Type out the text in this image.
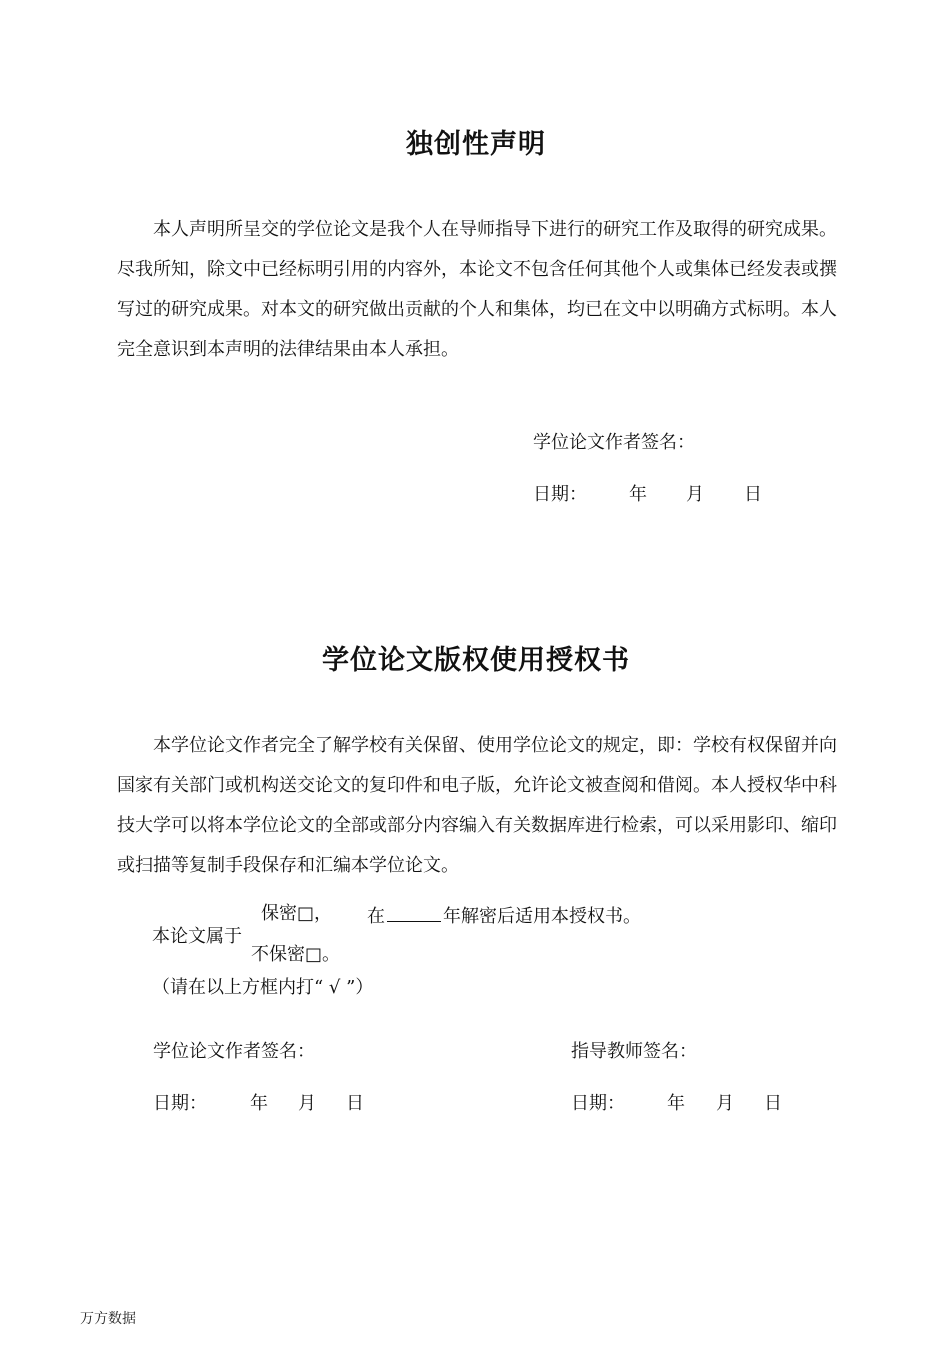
独创性声明
本人声明所呈交的学位论文是我个人在导师指导下进行的研究工作及取得的研究成果。尽我所知，除文中已经标明引用的内容外，本论文不包含任何其他个人或集体已经发表或撰写过的研究成果。对本文的研究做出贡献的个人和集体，均已在文中以明确方式标明。本人完全意识到本声明的法律结果由本人承担。
学位论文作者签名：
日期： 年 月 日
学位论文版权使用授权书
本学位论文作者完全了解学校有关保留、使用学位论文的规定，即：学校有权保留并向国家有关部门或机构送交论文的复印件和电子版，允许论文被查阅和借阅。本人授权华中科技大学可以将本学位论文的全部或部分内容编入有关数据库进行检索，可以采用影印、缩印或扫描等复制手段保存和汇编本学位论文。
本论文属于
保密□， 在	年解密后适用本授权书。
不保密□。
（请在以上方框内打“ √ ”）
学位论文作者签名：	指导教师签名：
日期： 年 月 日	日期： 年 月 日
万方数据
